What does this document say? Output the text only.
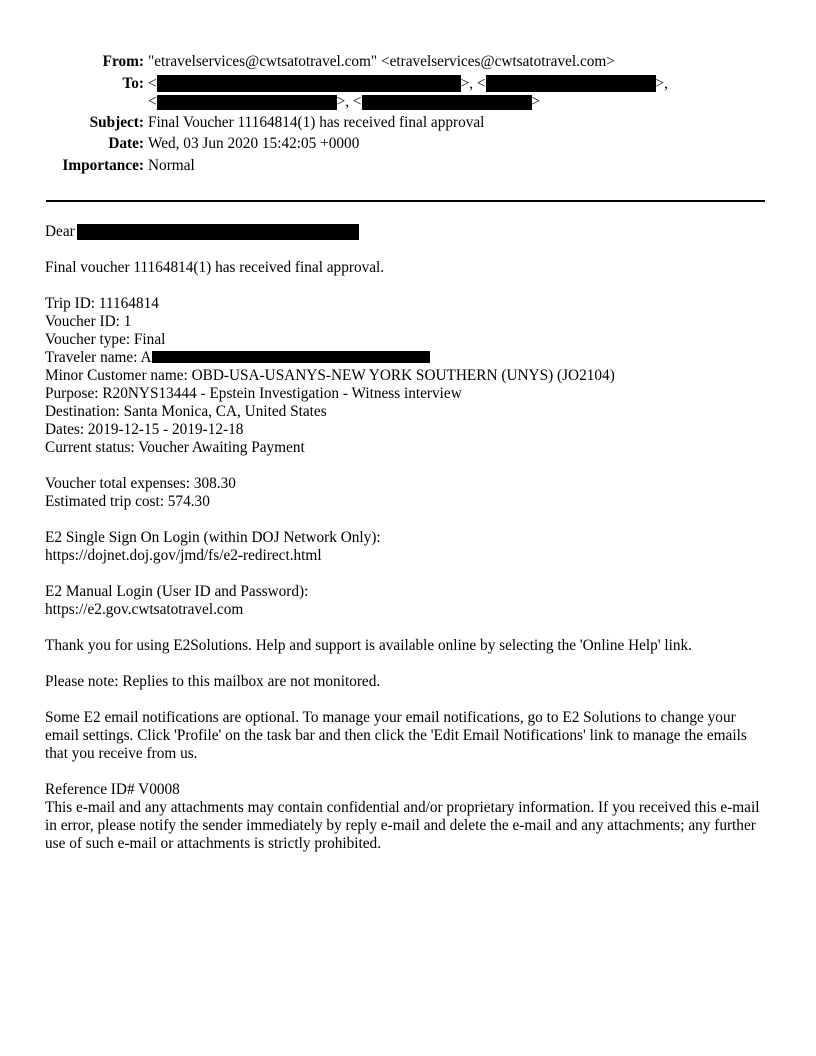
From: "etravelservices@cwtsatotravel.com" <etravelservices@cwtsatotravel.com>
To: <	>, <	>,
<	>, <	>
Subject: Final Voucher 11164814(1) has received final approval
Date: Wed, 03 Jun 2020 15:42:05 +0000
Importance: Normal

Dear

Final voucher 11164814(1) has received final approval.

Trip ID: 11164814
Voucher ID: 1
Voucher type: Final
Traveler name: A
Minor Customer name: OBD-USA-USANYS-NEW YORK SOUTHERN (UNYS) (JO2104)
Purpose: R20NYS13444 - Epstein Investigation - Witness interview
Destination: Santa Monica, CA, United States
Dates: 2019-12-15 - 2019-12-18
Current status: Voucher Awaiting Payment

Voucher total expenses: 308.30
Estimated trip cost: 574.30

E2 Single Sign On Login (within DOJ Network Only):
https://dojnet.doj.gov/jmd/fs/e2-redirect.html

E2 Manual Login (User ID and Password):
https://e2.gov.cwtsatotravel.com

Thank you for using E2Solutions. Help and support is available online by selecting the 'Online Help' link.

Please note: Replies to this mailbox are not monitored.

Some E2 email notifications are optional. To manage your email notifications, go to E2 Solutions to change your email settings. Click 'Profile' on the task bar and then click the 'Edit Email Notifications' link to manage the emails that you receive from us.

Reference ID# V0008
This e-mail and any attachments may contain confidential and/or proprietary information. If you received this e-mail in error, please notify the sender immediately by reply e-mail and delete the e-mail and any attachments; any further use of such e-mail or attachments is strictly prohibited.
